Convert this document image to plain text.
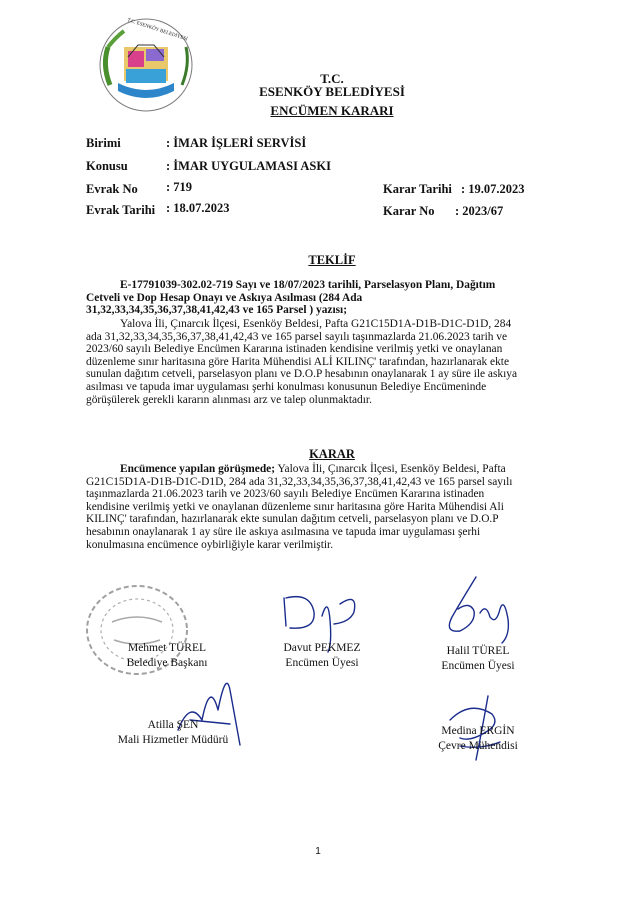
T.C. ESENKÖY BELEDİYESİ
T.C.
ESENKÖY BELEDİYESİ
ENCÜMEN KARARI
Birimi	: İMAR İŞLERİ SERVİSİ
Konusu	: İMAR UYGULAMASI ASKI
Evrak No : 719
Evrak Tarihi : 18.07.2023
Karar Tarihi : 19.07.2023
Karar No : 2023/67
TEKLİF
E-17791039-302.02-719 Sayı ve 18/07/2023 tarihli, Parselasyon Planı, Dağıtım
Cetveli ve Dop Hesap Onayı ve Askıya Asılması (284 Ada
31,32,33,34,35,36,37,38,41,42,43 ve 165 Parsel ) yazısı;
Yalova İli, Çınarcık İlçesi, Esenköy Beldesi, Pafta G21C15D1A-D1B-D1C-D1D, 284
ada 31,32,33,34,35,36,37,38,41,42,43 ve 165 parsel sayılı taşınmazlarda 21.06.2023 tarih ve
2023/60 sayılı Belediye Encümen Kararına istinaden kendisine verilmiş yetki ve onaylanan
düzenleme sınır haritasına göre Harita Mühendisi ALİ KILINÇ' tarafından, hazırlanarak ekte
sunulan dağıtım cetveli, parselasyon planı ve D.O.P hesabının onaylanarak 1 ay süre ile askıya
asılması ve tapuda imar uygulaması şerhi konulması konusunun Belediye Encümeninde
görüşülerek gerekli kararın alınması arz ve talep olunmaktadır.
KARAR
Encümence yapılan görüşmede; Yalova İli, Çınarcık İlçesi, Esenköy Beldesi, Pafta
G21C15D1A-D1B-D1C-D1D, 284 ada 31,32,33,34,35,36,37,38,41,42,43 ve 165 parsel sayılı
taşınmazlarda 21.06.2023 tarih ve 2023/60 sayılı Belediye Encümen Kararına istinaden
kendisine verilmiş yetki ve onaylanan düzenleme sınır haritasına göre Harita Mühendisi Ali
KILINÇ' tarafından, hazırlanarak ekte sunulan dağıtım cetveli, parselasyon planı ve D.O.P
hesabının onaylanarak 1 ay süre ile askıya asılmasına ve tapuda imar uygulaması şerhi
konulmasına encümence oybirliğiyle karar verilmiştir.
Mehmet TÜREL
Belediye Başkanı
Davut PEKMEZ
Encümen Üyesi
Halil TÜREL
Encümen Üyesi
Atilla ŞEN
Mali Hizmetler Müdürü
Medina ERGİN
Çevre Mühendisi
1
